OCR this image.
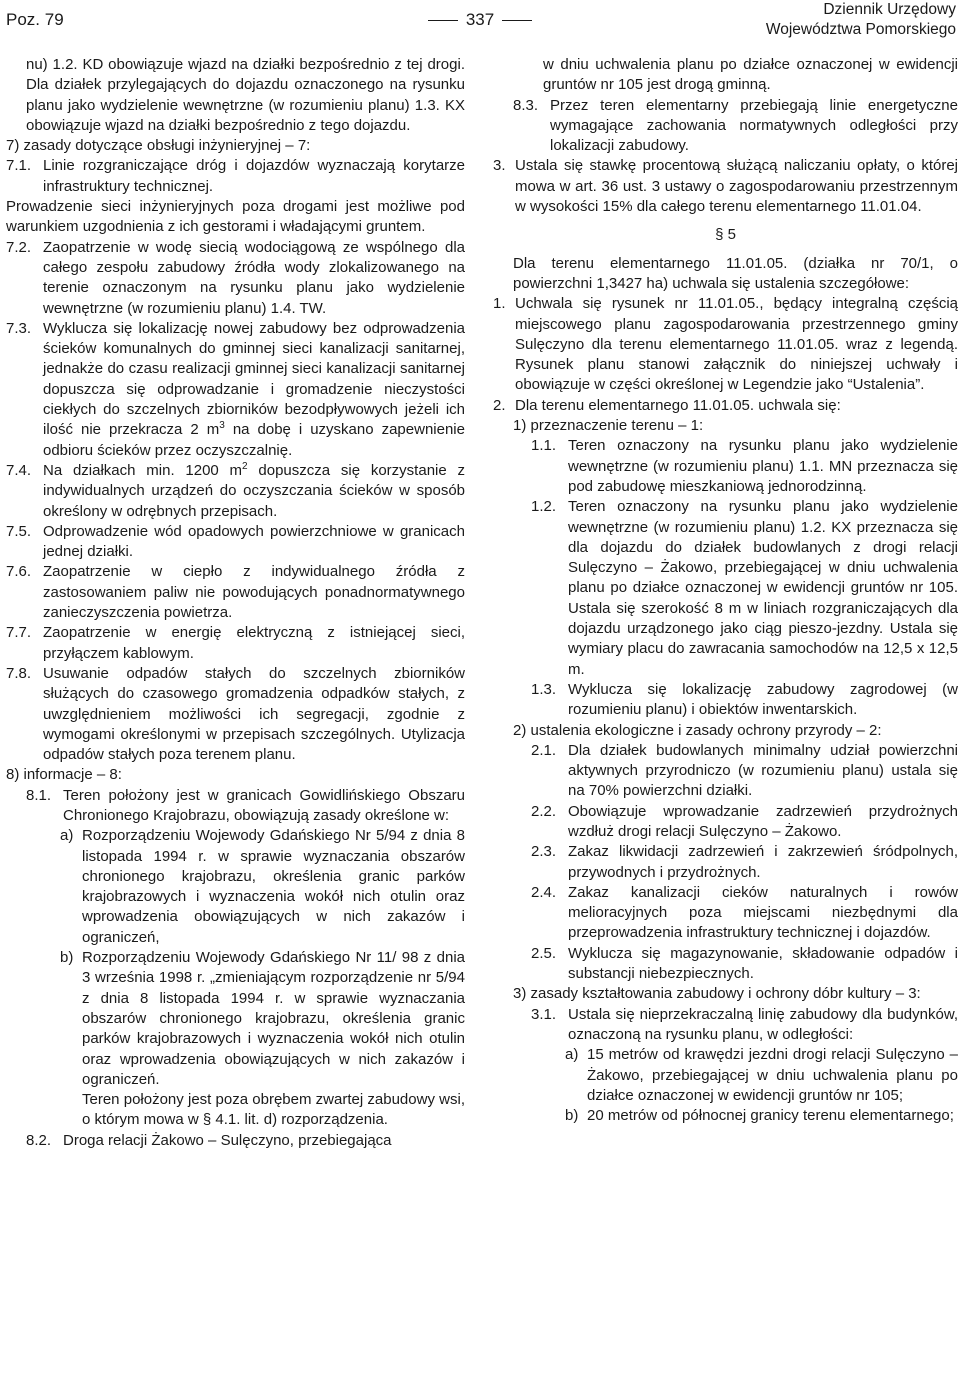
Poz. 79	337
Dziennik Urzędowy
Województwa Pomorskiego

nu) 1.2. KD obowiązuje wjazd na działki bezpośrednio z tej drogi. Dla działek przylegających do dojazdu oznaczonego na rysunku planu jako wydzielenie wewnętrzne (w rozumieniu planu) 1.3. KX obowiązuje wjazd na działki bezpośrednio z tego dojazdu.

7) zasady dotyczące obsługi inżynieryjnej – 7:

7.1. Linie rozgraniczające dróg i dojazdów wyznaczają korytarze infrastruktury technicznej.

Prowadzenie sieci inżynieryjnych poza drogami jest możliwe pod warunkiem uzgodnienia z ich gestorami i władającymi gruntem.

7.2. Zaopatrzenie w wodę siecią wodociągową ze wspólnego dla całego zespołu zabudowy źródła wody zlokalizowanego na terenie oznaczonym na rysunku planu jako wydzielenie wewnętrzne (w rozumieniu planu) 1.4. TW.
7.3. Wyklucza się lokalizację nowej zabudowy bez odprowadzenia ścieków komunalnych do gminnej sieci kanalizacji sanitarnej, jednakże do czasu realizacji gminnej sieci kanalizacji sanitarnej dopuszcza się odprowadzanie i gromadzenie nieczystości ciekłych do szczelnych zbiorników bezodpływowych jeżeli ich ilość nie przekracza 2 $m^3$ na dobę i uzyskano zapewnienie odbioru ścieków przez oczyszczalnię.
7.4. Na działkach min. 1200 $m^2$ dopuszcza się korzystanie z indywidualnych urządzeń do oczyszczania ścieków w sposób określony w odrębnych przepisach.
7.5. Odprowadzenie wód opadowych powierzchniowe w granicach jednej działki.
7.6. Zaopatrzenie w ciepło z indywidualnego źródła z zastosowaniem paliw nie powodujących ponadnormatywnego zanieczyszczenia powietrza.
7.7. Zaopatrzenie w energię elektryczną z istniejącej sieci, przyłączem kablowym.
7.8. Usuwanie odpadów stałych do szczelnych zbiorników służących do czasowego gromadzenia odpadków stałych, z uwzględnieniem możliwości ich segregacji, zgodnie z wymogami określonymi w przepisach szczególnych. Utylizacja odpadów stałych poza terenem planu.

8) informacje – 8:

8.1. Teren położony jest w granicach Gowidlińskiego Obszaru Chronionego Krajobrazu, obowiązują zasady określone w:
a) Rozporządzeniu Wojewody Gdańskiego Nr 5/94 z dnia 8 listopada 1994 r. w sprawie wyznaczania obszarów chronionego krajobrazu, określenia granic parków krajobrazowych i wyznaczenia wokół nich otulin oraz wprowadzenia obowiązujących w nich zakazów i ograniczeń,
b) Rozporządzeniu Wojewody Gdańskiego Nr 11/ 98 z dnia 3 września 1998 r. „zmieniającym rozporządzenie nr 5/94 z dnia 8 listopada 1994 r. w sprawie wyznaczania obszarów chronionego krajobrazu, określenia granic parków krajobrazowych i wyznaczenia wokół nich otulin oraz wprowadzenia obowiązujących w nich zakazów i ograniczeń.

Teren położony jest poza obrębem zwartej zabudowy wsi, o którym mowa w § 4.1. lit. d) rozporządzenia.

8.2. Droga relacji Żakowo – Sulęczyno, przebiegająca

w dniu uchwalenia planu po działce oznaczonej w ewidencji gruntów nr 105 jest drogą gminną.

8.3. Przez teren elementarny przebiegają linie energetyczne wymagające zachowania normatywnych odległości przy lokalizacji zabudowy.
3. Ustala się stawkę procentową służącą naliczaniu opłaty, o której mowa w art. 36 ust. 3 ustawy o zagospodarowaniu przestrzennym w wysokości 15% dla całego terenu elementarnego 11.01.04.

§ 5

Dla terenu elementarnego 11.01.05. (działka nr 70/1, o powierzchni 1,3427 ha) uchwala się ustalenia szczegółowe:

1. Uchwala się rysunek nr 11.01.05., będący integralną częścią miejscowego planu zagospodarowania przestrzennego gminy Sulęczyno dla terenu elementarnego 11.01.05. wraz z legendą. Rysunek planu stanowi załącznik do niniejszej uchwały i obowiązuje w części określonej w Legendzie jako “Ustalenia”.
2. Dla terenu elementarnego 11.01.05. uchwala się:

1) przeznaczenie terenu – 1:

1.1. Teren oznaczony na rysunku planu jako wydzielenie wewnętrzne (w rozumieniu planu) 1.1. MN przeznacza się pod zabudowę mieszkaniową jednorodzinną.
1.2. Teren oznaczony na rysunku planu jako wydzielenie wewnętrzne (w rozumieniu planu) 1.2. KX przeznacza się dla dojazdu do działek budowlanych z drogi relacji Sulęczyno – Żakowo, przebiegającej w dniu uchwalenia planu po działce oznaczonej w ewidencji gruntów nr 105. Ustala się szerokość 8 m w liniach rozgraniczających dla dojazdu urządzonego jako ciąg pieszo-jezdny. Ustala się wymiary placu do zawracania samochodów na 12,5 x 12,5 m.
1.3. Wyklucza się lokalizację zabudowy zagrodowej (w rozumieniu planu) i obiektów inwentarskich.

2) ustalenia ekologiczne i zasady ochrony przyrody – 2:

2.1. Dla działek budowlanych minimalny udział powierzchni aktywnych przyrodniczo (w rozumieniu planu) ustala się na 70% powierzchni działki.
2.2. Obowiązuje wprowadzanie zadrzewień przydrożnych wzdłuż drogi relacji Sulęczyno – Żakowo.
2.3. Zakaz likwidacji zadrzewień i zakrzewień śródpolnych, przywodnych i przydrożnych.
2.4. Zakaz kanalizacji cieków naturalnych i rowów melioracyjnych poza miejscami niezbędnymi dla przeprowadzenia infrastruktury technicznej i dojazdów.
2.5. Wyklucza się magazynowanie, składowanie odpadów i substancji niebezpiecznych.

3) zasady kształtowania zabudowy i ochrony dóbr kultury – 3:

3.1. Ustala się nieprzekraczalną linię zabudowy dla budynków, oznaczoną na rysunku planu, w odległości:
a) 15 metrów od krawędzi jezdni drogi relacji Sulęczyno – Żakowo, przebiegającej w dniu uchwalenia planu po działce oznaczonej w ewidencji gruntów nr 105;
b) 20 metrów od północnej granicy terenu elementarnego;
